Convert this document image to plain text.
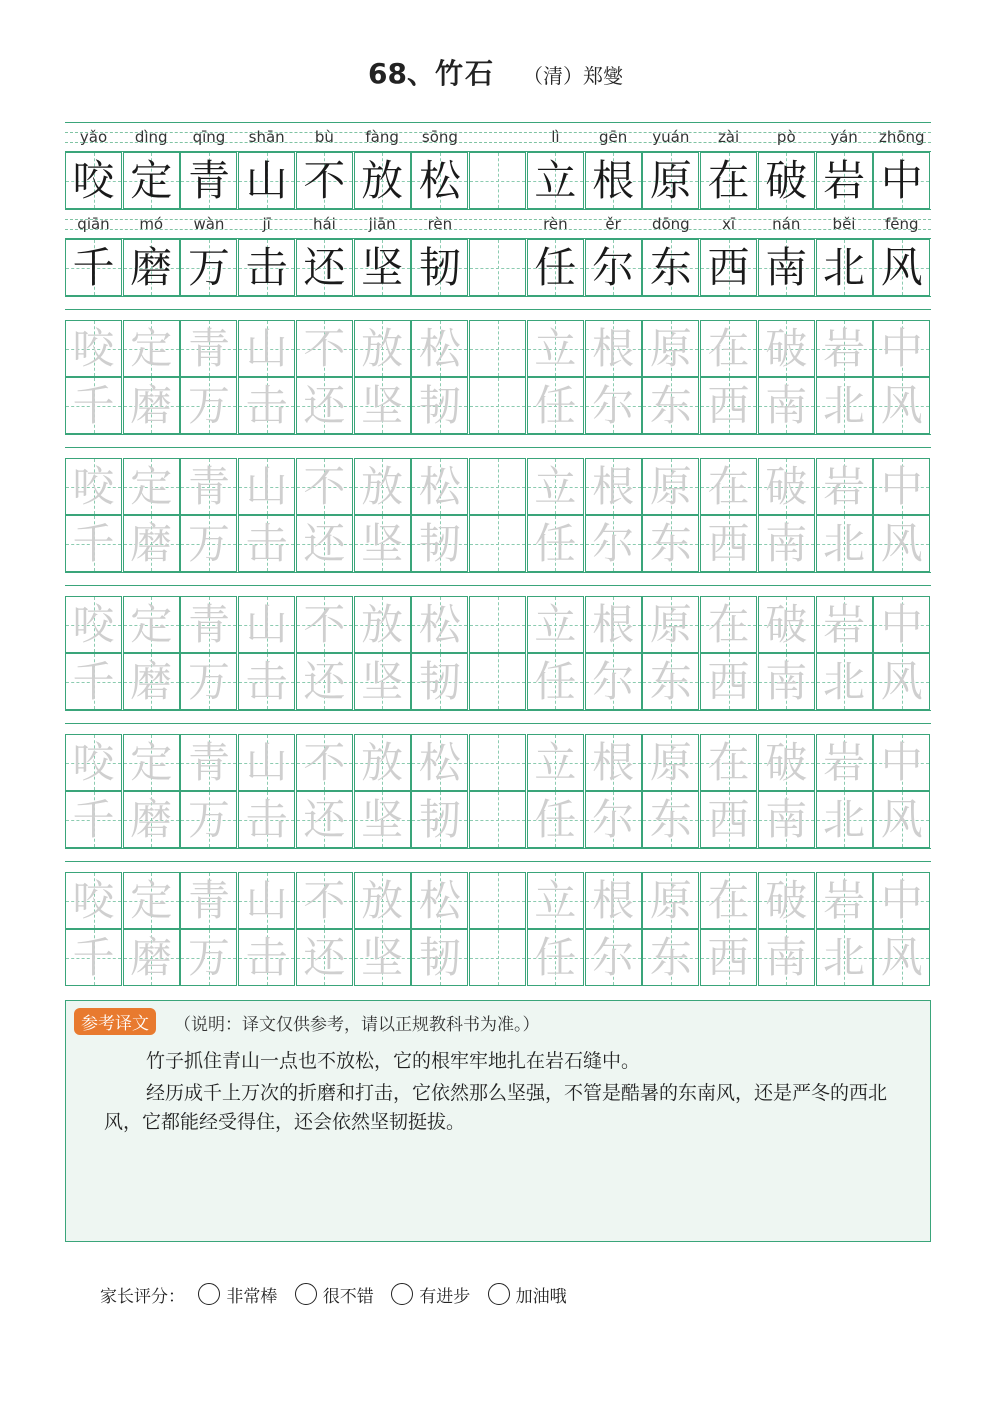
68、竹石 （清）郑燮
yǎo	dìng	qīng	shān	bù	fàng	sōng	lì	gēn	yuán	zài	pò	yán	zhōng
咬 定 青 山 不 放 松 立 根 原 在 破 岩 中
qiān	mó	wàn	jī	hái	jiān	rèn	rèn	ěr	dōng	xī	nán	běi	fēng
千 磨 万 击 还 坚 韧 任 尔 东 西 南 北 风
咬 定 青 山 不 放 松 立 根 原 在 破 岩 中
千 磨 万 击 还 坚 韧 任 尔 东 西 南 北 风
咬 定 青 山 不 放 松 立 根 原 在 破 岩 中
千 磨 万 击 还 坚 韧 任 尔 东 西 南 北 风
咬 定 青 山 不 放 松 立 根 原 在 破 岩 中
千 磨 万 击 还 坚 韧 任 尔 东 西 南 北 风
咬 定 青 山 不 放 松 立 根 原 在 破 岩 中
千 磨 万 击 还 坚 韧 任 尔 东 西 南 北 风
咬 定 青 山 不 放 松 立 根 原 在 破 岩 中
千 磨 万 击 还 坚 韧 任 尔 东 西 南 北 风
参考译文	（说明：译文仅供参考，请以正规教科书为准。）
竹子抓住青山一点也不放松，它的根牢牢地扎在岩石缝中。
经历成千上万次的折磨和打击，它依然那么坚强，不管是酷暑的东南风，还是严冬的西北风，它都能经受得住，还会依然坚韧挺拔。
家长评分： 非常棒	很不错	有进步	加油哦
